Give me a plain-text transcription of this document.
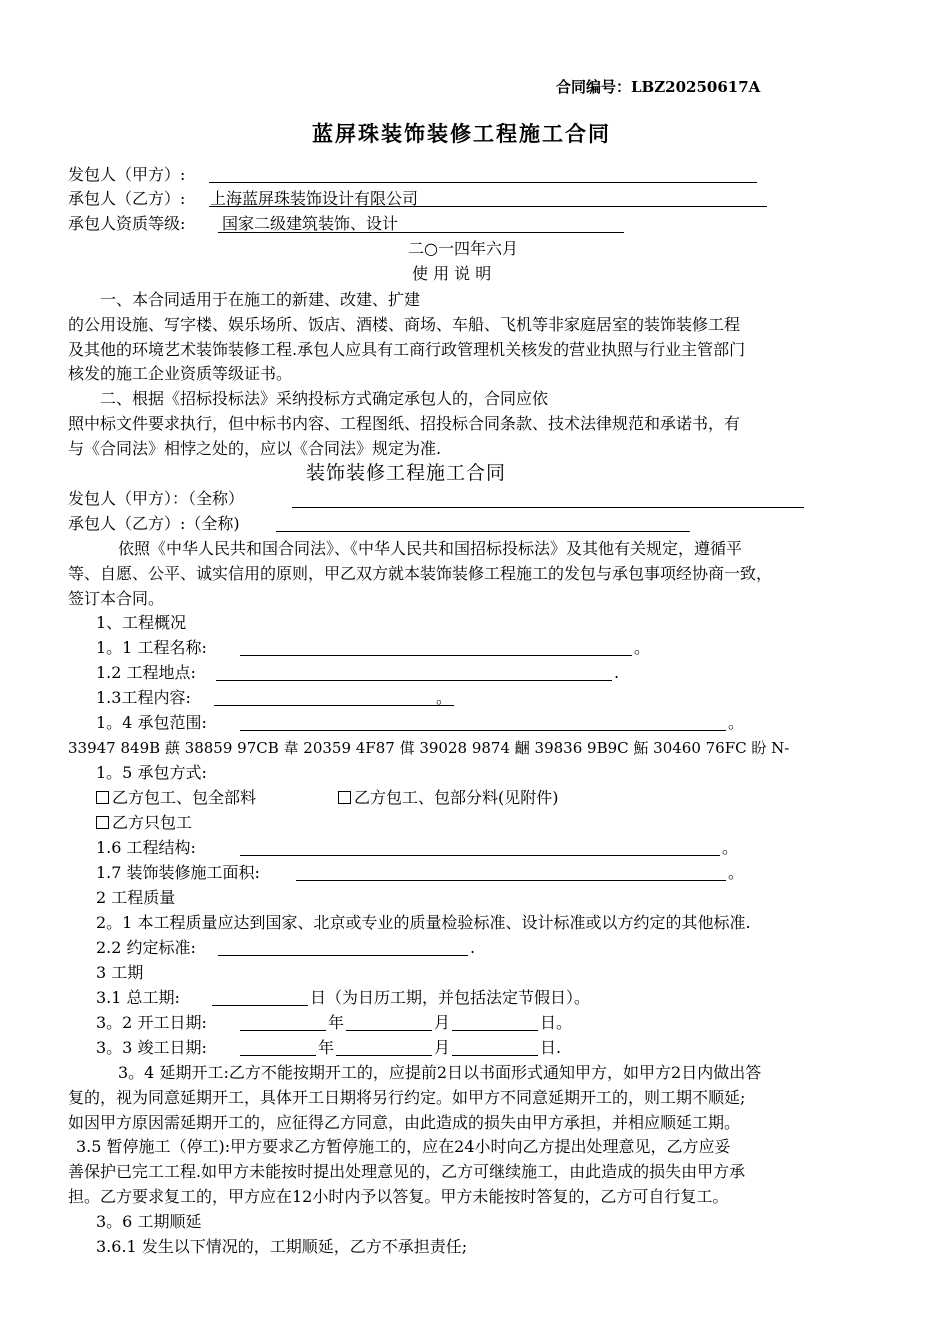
合同编号：LBZ20250617A
蓝屏珠装饰装修工程施工合同
发包人（甲方）:
承包人（乙方）: 上海蓝屏珠装饰设计有限公司
承包人资质等级: 国家二级建筑装饰、设计
二○一四年六月
使 用 说 明
一、本合同适用于在施工的新建、改建、扩建
的公用设施、写字楼、娱乐场所、饭店、酒楼、商场、车船、飞机等非家庭居室的装饰装修工程
及其他的环境艺术装饰装修工程.承包人应具有工商行政管理机关核发的营业执照与行业主管部门
核发的施工企业资质等级证书。
二、根据《招标投标法》采纳投标方式确定承包人的，合同应依
照中标文件要求执行，但中标书内容、工程图纸、招投标合同条款、技术法律规范和承诺书，有
与《合同法》相悖之处的，应以《合同法》规定为准.
装饰装修工程施工合同
发包人（甲方）：（全称）
承包人（乙方）:（全称)
依照《中华人民共和国合同法》、《中华人民共和国招标投标法》及其他有关规定，遵循平
等、自愿、公平、诚实信用的原则，甲乙双方就本装饰装修工程施工的发包与承包事项经协商一致，
签订本合同。
1、工程概况
1。1 工程名称:	。
1.2 工程地点:	.
1.3工程内容:	。
1。4 承包范围:	。
33947 849B 蕻 38859 97CB 韋 20359 4F87 傇 39028 9874 齫 39836 9B9C 鮖 30460 76FC 盼 N-
1。5 承包方式:
乙方包工、包全部料	乙方包工、包部分料(见附件)
乙方只包工
1.6 工程结构:	。
1.7 装饰装修施工面积:	。
2 工程质量
2。1 本工程质量应达到国家、北京或专业的质量检验标准、设计标准或以方约定的其他标准.
2.2 约定标准:	.
3 工期
3.1 总工期:	日（为日历工期，并包括法定节假日）。
3。2 开工日期:	年	月	日 。
3。3 竣工日期:	年	月	日 .
3。4 延期开工:乙方不能按期开工的，应提前2日以书面形式通知甲方，如甲方2日内做出答
复的，视为同意延期开工，具体开工日期将另行约定。如甲方不同意延期开工的，则工期不顺延;
如因甲方原因需延期开工的，应征得乙方同意，由此造成的损失由甲方承担，并相应顺延工期。
3.5 暂停施工（停工):甲方要求乙方暂停施工的，应在24小时向乙方提出处理意见，乙方应妥
善保护已完工工程.如甲方未能按时提出处理意见的，乙方可继续施工，由此造成的损失由甲方承
担。乙方要求复工的，甲方应在12小时内予以答复。甲方未能按时答复的，乙方可自行复工。
3。6 工期顺延
3.6.1 发生以下情况的，工期顺延，乙方不承担责任;
